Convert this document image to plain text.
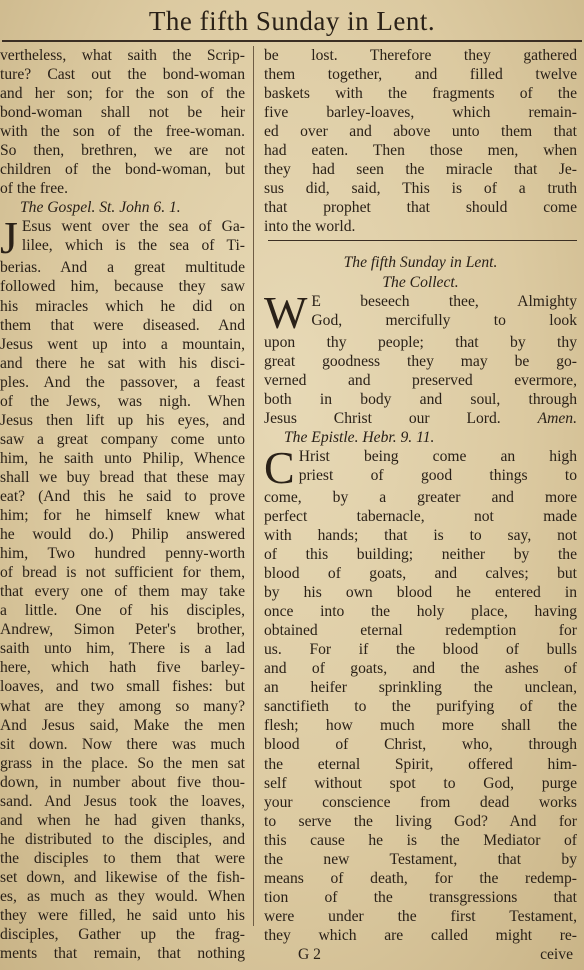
The fifth Sunday in Lent.
vertheless, what saith the Scrip-
ture? Cast out the bond-woman
and her son; for the son of the
bond-woman shall not be heir
with the son of the free-woman.
So then, brethren, we are not
children of the bond-woman, but
of the free.
The Gospel. St. John 6. 1.
J Esus went over the sea of Ga-
lilee, which is the sea of Ti-
berias. And a great multitude
followed him, because they saw
his miracles which he did on
them that were diseased. And
Jesus went up into a mountain,
and there he sat with his disci-
ples. And the passover, a feast
of the Jews, was nigh. When
Jesus then lift up his eyes, and
saw a great company come unto
him, he saith unto Philip, Whence
shall we buy bread that these may
eat? (And this he said to prove
him; for he himself knew what
he would do.) Philip answered
him, Two hundred penny-worth
of bread is not sufficient for them,
that every one of them may take
a little. One of his disciples,
Andrew, Simon Peter's brother,
saith unto him, There is a lad
here, which hath five barley-
loaves, and two small fishes: but
what are they among so many?
And Jesus said, Make the men
sit down. Now there was much
grass in the place. So the men sat
down, in number about five thou-
sand. And Jesus took the loaves,
and when he had given thanks,
he distributed to the disciples, and
the disciples to them that were
set down, and likewise of the fish-
es, as much as they would. When
they were filled, he said unto his
disciples, Gather up the frag-
ments that remain, that nothing
be lost. Therefore they gathered
them together, and filled twelve
baskets with the fragments of the
five barley-loaves, which remain-
ed over and above unto them that
had eaten. Then those men, when
they had seen the miracle that Je-
sus did, said, This is of a truth
that prophet that should come
into the world.
The fifth Sunday in Lent.
The Collect.
W E beseech thee, Almighty
God, mercifully to look
upon thy people; that by thy
great goodness they may be go-
verned and preserved evermore,
both in body and soul, through
Jesus Christ our Lord. Amen.
The Epistle. Hebr. 9. 11.
C Hrist being come an high
priest of good things to
come, by a greater and more
perfect tabernacle, not made
with hands; that is to say, not
of this building; neither by the
blood of goats, and calves; but
by his own blood he entered in
once into the holy place, having
obtained eternal redemption for
us. For if the blood of bulls
and of goats, and the ashes of
an heifer sprinkling the unclean,
sanctifieth to the purifying of the
flesh; how much more shall the
blood of Christ, who, through
the eternal Spirit, offered him-
self without spot to God, purge
your conscience from dead works
to serve the living God? And for
this cause he is the Mediator of
the new Testament, that by
means of death, for the redemp-
tion of the transgressions that
were under the first Testament,
they which are called might re-
G 2	ceive
